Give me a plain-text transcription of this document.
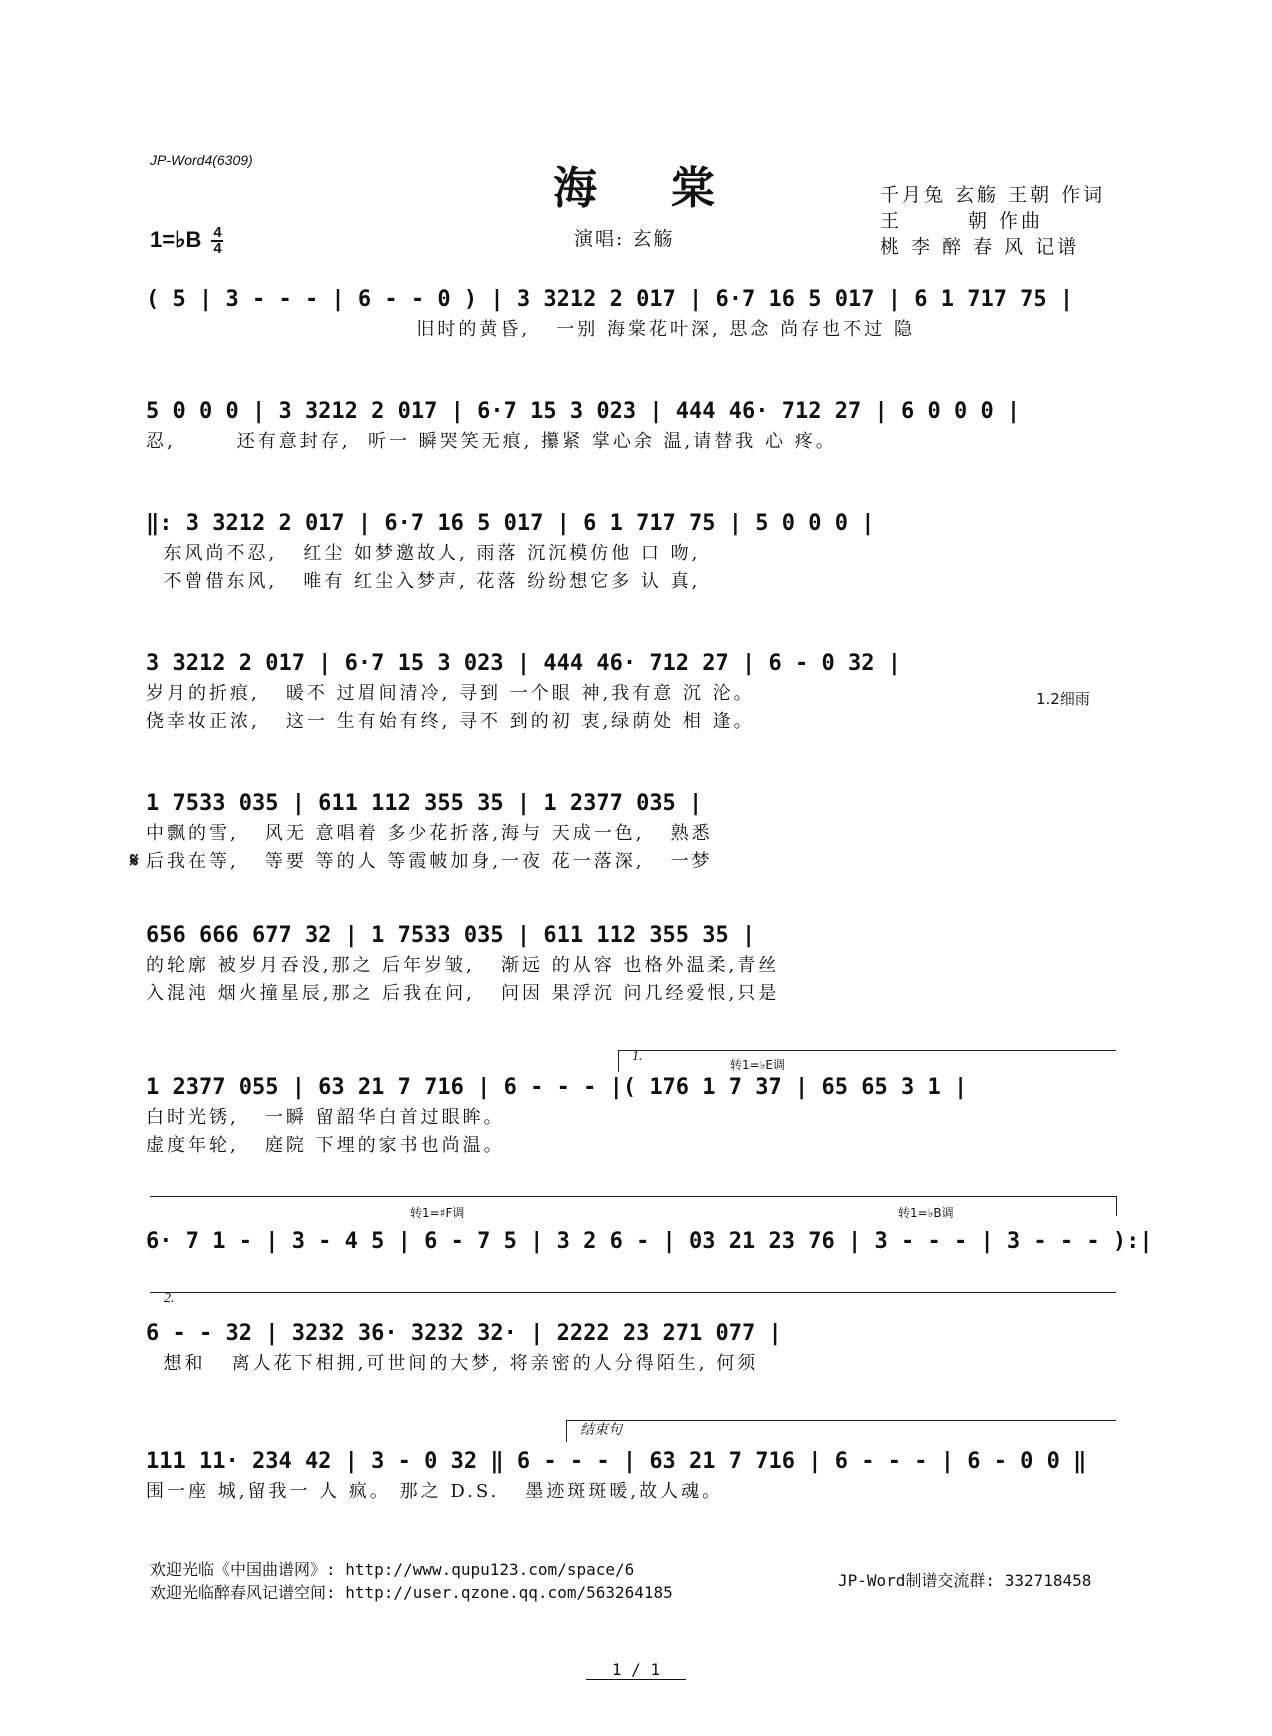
JP-Word4(6309)
海 棠	千月兔 玄觞 王朝 作词
王　　　朝 作曲
桃 李 醉 春 风 记谱
1=♭B $\frac{4}{4}$	演唱: 玄觞
( 5 | 3 - - - | 6 - - 0 ) | 3 3212 2 017 | 6·7 16 5 017 | 6 1 717 75 |
旧时的黄昏,   一别 海棠花叶深, 思念 尚存也不过 隐
5 0 0 0 | 3 3212 2 017 | 6·7 15 3 023 | 444 46· 712 27 | 6 0 0 0 |
忍,       还有意封存,  听一 瞬哭笑无痕, 攥紧 掌心余 温,请替我 心 疼。
‖: 3 3212 2 017 | 6·7 16 5 017 | 6 1 717 75 | 5 0 0 0 |
东风尚不忍,   红尘 如梦邀故人, 雨落 沉沉模仿他 口 吻,
不曾借东风,   唯有 红尘入梦声, 花落 纷纷想它多 认 真,
3 3212 2 017 | 6·7 15 3 023 | 444 46· 712 27 | 6 - 0 32 |
岁月的折痕,   暖不 过眉间清冷, 寻到 一个眼 神,我有意 沉 沦。
侥幸妆正浓,   这一 生有始有终, 寻不 到的初 衷,绿荫处 相 逢。
1.2细雨
1 7533 035 | 611 112 355 35 | 1 2377 035 |
中飘的雪,   风无 意唱着 多少花折落,海与 天成一色,   熟悉
后我在等,   等要 等的人 等霞帔加身,一夜 花一落深,   一梦
𝄋
656 666 677 32 | 1 7533 035 | 611 112 355 35 |
的轮廓 被岁月吞没,那之 后年岁皱,   渐远 的从容 也格外温柔,青丝
入混沌 烟火撞星辰,那之 后我在问,   问因 果浮沉 问几经爱恨,只是
1.
转1=♭E调
1 2377 055 | 63 21 7 716 | 6 - - - |( 176 1 7 37 | 65 65 3 1 |
白时光锈,   一瞬 留韶华白首过眼眸。
虚度年轮,   庭院 下埋的家书也尚温。
转1=♯F调	转1=♭B调
6· 7 1 - | 3 - 4 5 | 6 - 7 5 | 3 2 6 - | 03 21 23 76 | 3 - - - | 3 - - - ):|
2.
6 - - 32 | 3232 36· 3232 32· | 2222 23 271 077 |
想和   离人花下相拥,可世间的大梦, 将亲密的人分得陌生, 何须
结束句
111 11· 234 42 | 3 - 0 32 ‖ 6 - - - | 63 21 7 716 | 6 - - - | 6 - 0 0 ‖
围一座 城,留我一 人 疯。 那之 D.S.   墨迹斑斑暖,故人魂。
欢迎光临《中国曲谱网》: http://www.qupu123.com/space/6
欢迎光临醉春风记谱空间: http://user.qzone.qq.com/563264185
JP-Word制谱交流群: 332718458
1 / 1
